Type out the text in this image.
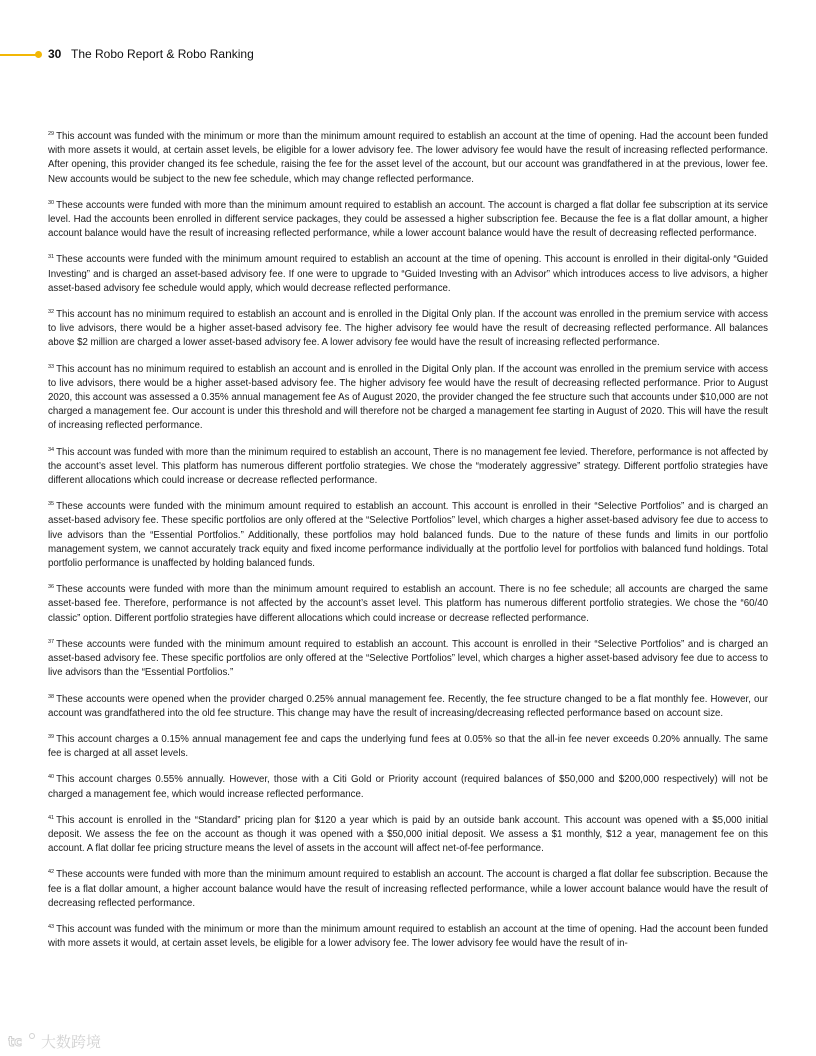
30 The Robo Report & Robo Ranking

$^{29}$ This account was funded with the minimum or more than the minimum amount required to establish an account at the time of opening. Had the account been funded with more assets it would, at certain asset levels, be eligible for a lower advisory fee. The lower advisory fee would have the result of increasing reflected performance. After opening, this provider changed its fee schedule, raising the fee for the asset level of the account, but our account was grandfathered in at the previous, lower fee. New accounts would be subject to the new fee schedule, which may change reflected performance.

$^{30}$ These accounts were funded with more than the minimum amount required to establish an account. The account is charged a flat dollar fee subscription at its service level. Had the accounts been enrolled in different service packages, they could be assessed a higher subscription fee. Because the fee is a flat dollar amount, a higher account balance would have the result of increasing reflected performance, while a lower account balance would have the result of decreasing reflected performance.

$^{31}$ These accounts were funded with the minimum amount required to establish an account at the time of opening. This account is enrolled in their digital-only “Guided Investing” and is charged an asset-based advisory fee. If one were to upgrade to “Guided Investing with an Advisor” which introduces access to live advisors, a higher asset-based advisory fee schedule would apply, which would decrease reflected performance.

$^{32}$ This account has no minimum required to establish an account and is enrolled in the Digital Only plan. If the account was enrolled in the premium service with access to live advisors, there would be a higher asset-based advisory fee. The higher advisory fee would have the result of decreasing reflected performance. All balances above $2 million are charged a lower asset-based advisory fee. A lower advisory fee would have the result of increasing reflected performance.

$^{33}$ This account has no minimum required to establish an account and is enrolled in the Digital Only plan. If the account was enrolled in the premium service with access to live advisors, there would be a higher asset-based advisory fee. The higher advisory fee would have the result of decreasing reflected performance. Prior to August 2020, this account was assessed a 0.35% annual management fee As of August 2020, the provider changed the fee structure such that accounts under $10,000 are not charged a management fee. Our account is under this threshold and will therefore not be charged a management fee starting in August of 2020. This will have the result of increasing reflected performance.

$^{34}$ This account was funded with more than the minimum required to establish an account, There is no management fee levied. Therefore, performance is not affected by the account’s asset level. This platform has numerous different portfolio strategies. We chose the “moderately aggressive” strategy. Different portfolio strategies have different allocations which could increase or decrease reflected performance.

$^{35}$ These accounts were funded with the minimum amount required to establish an account. This account is enrolled in their “Selective Portfolios” and is charged an asset-based advisory fee. These specific portfolios are only offered at the “Selective Portfolios” level, which charges a higher asset-based advisory fee due to access to live advisors than the “Essential Portfolios.” Additionally, these portfolios may hold balanced funds. Due to the nature of these funds and limits in our portfolio management system, we cannot accurately track equity and fixed income performance individually at the portfolio level for portfolios with balanced fund holdings. Total portfolio performance is unaffected by holding balanced funds.

$^{36}$ These accounts were funded with more than the minimum amount required to establish an account. There is no fee schedule; all accounts are charged the same asset-based fee. Therefore, performance is not affected by the account’s asset level. This platform has numerous different portfolio strategies. We chose the “60/40 classic” option. Different portfolio strategies have different allocations which could increase or decrease reflected performance.

$^{37}$ These accounts were funded with the minimum amount required to establish an account. This account is enrolled in their “Selective Portfolios” and is charged an asset-based advisory fee. These specific portfolios are only offered at the “Selective Portfolios” level, which charges a higher asset-based advisory fee due to access to live advisors than the “Essential Portfolios.”

$^{38}$ These accounts were opened when the provider charged 0.25% annual management fee. Recently, the fee structure changed to be a flat monthly fee. However, our account was grandfathered into the old fee structure. This change may have the result of increasing/decreasing reflected performance based on account size.

$^{39}$ This account charges a 0.15% annual management fee and caps the underlying fund fees at 0.05% so that the all-in fee never exceeds 0.20% annually. The same fee is charged at all asset levels.

$^{40}$ This account charges 0.55% annually. However, those with a Citi Gold or Priority account (required balances of $50,000 and $200,000 respectively) will not be charged a management fee, which would increase reflected performance.

$^{41}$ This account is enrolled in the “Standard” pricing plan for $120 a year which is paid by an outside bank account. This account was opened with a $5,000 initial deposit. We assess the fee on the account as though it was opened with a $50,000 initial deposit. We assess a $1 monthly, $12 a year, management fee on this account. A flat dollar fee pricing structure means the level of assets in the account will affect net-of-fee performance.

$^{42}$ These accounts were funded with more than the minimum amount required to establish an account. The account is charged a flat dollar fee subscription. Because the fee is a flat dollar amount, a higher account balance would have the result of increasing reflected performance, while a lower account balance would have the result of decreasing reflected performance.

$^{43}$ This account was funded with the minimum or more than the minimum amount required to establish an account at the time of opening. Had the account been funded with more assets it would, at certain asset levels, be eligible for a lower advisory fee. The lower advisory fee would have the result of in-

tc 大数跨境
